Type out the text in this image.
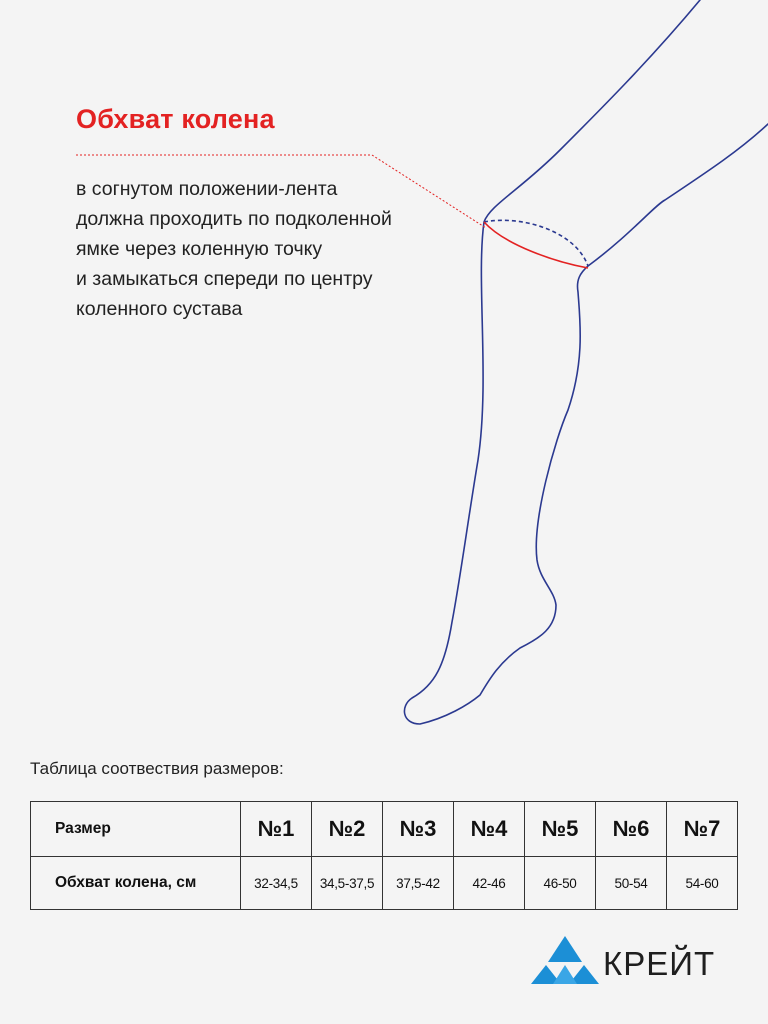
Обхват колена
в согнутом положении-лента
должна проходить по подколенной
ямке через коленную точку
и замыкаться спереди по центру
коленного сустава
Таблица соотвествия размеров:
Размер	№1	№2	№3	№4	№5	№6	№7
Обхват колена, см	32-34,5	34,5-37,5	37,5-42	42-46	46-50	50-54	54-60
КРЕЙТ
